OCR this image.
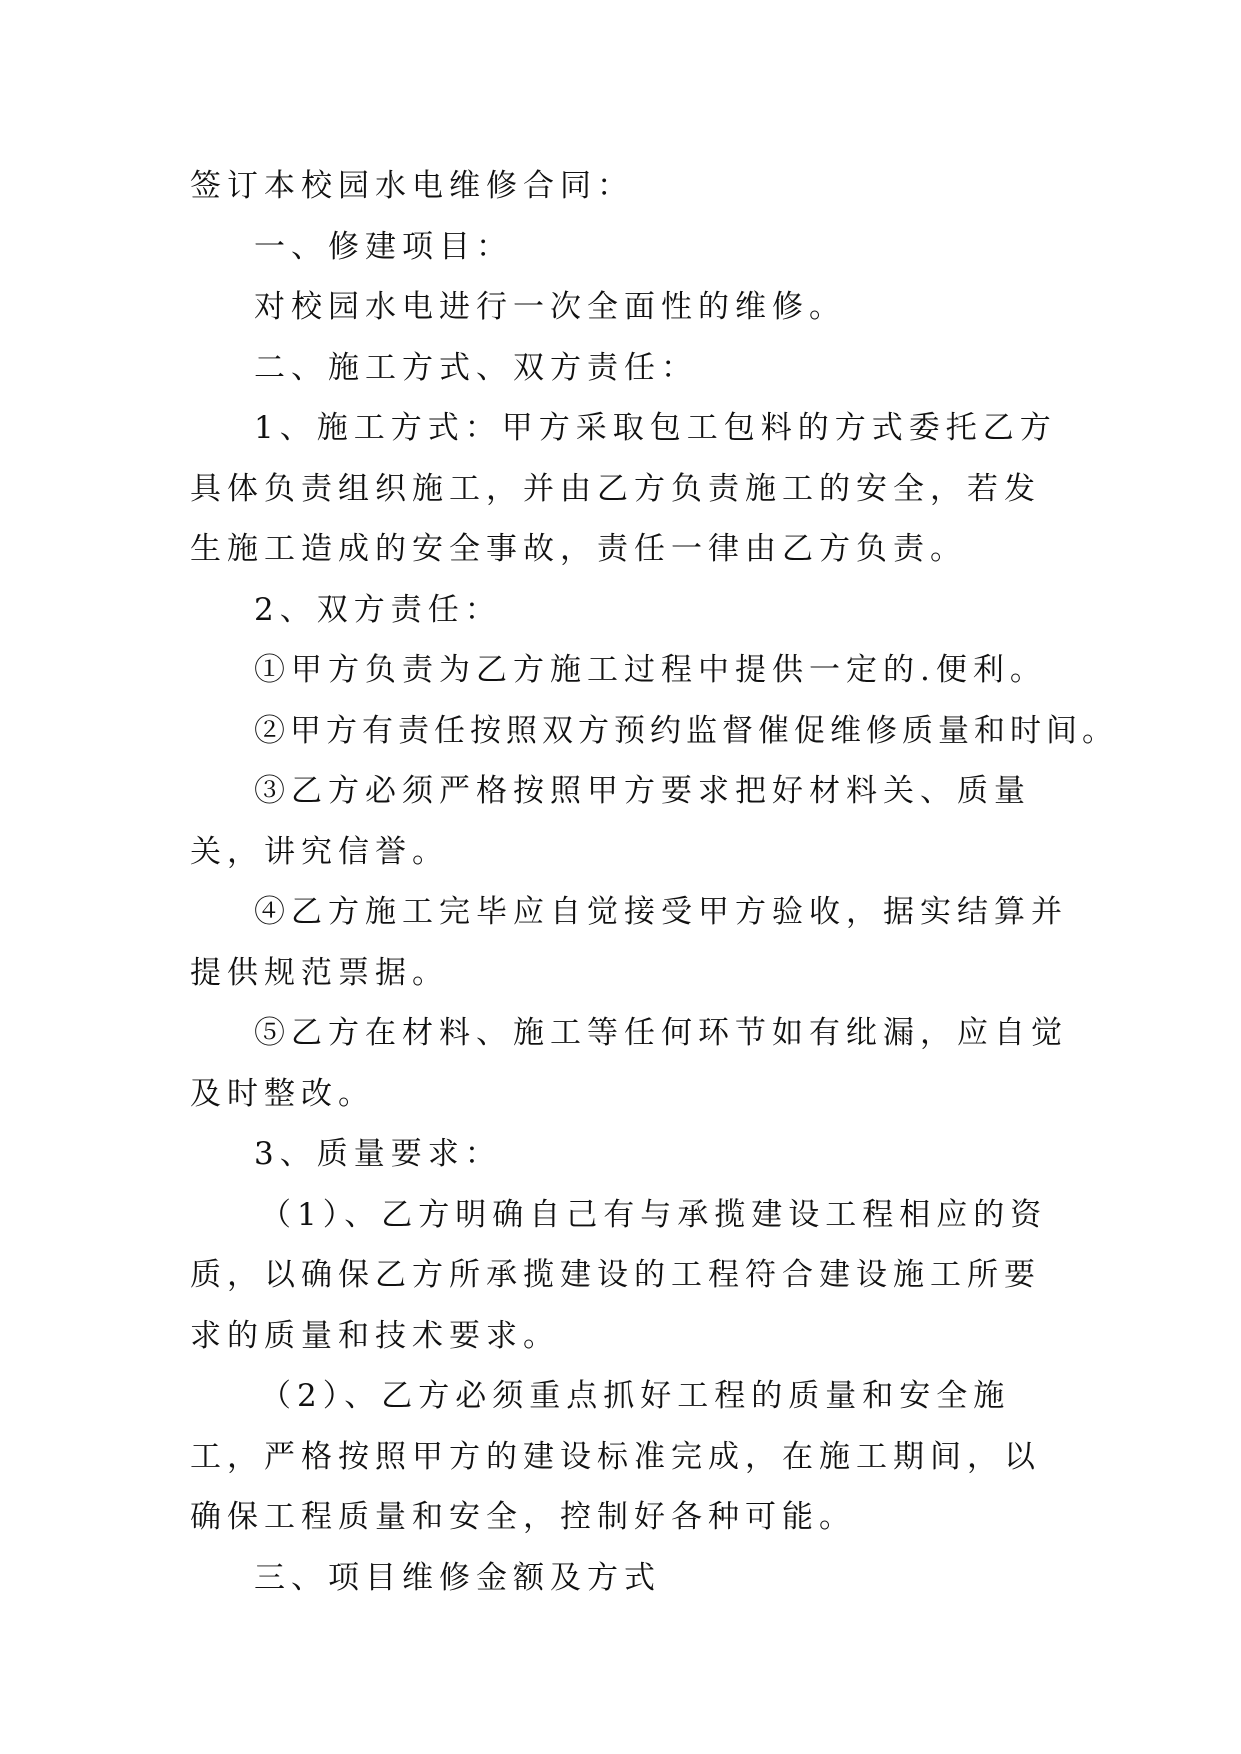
签订本校园水电维修合同：

一、修建项目：

对校园水电进行一次全面性的维修。

二、施工方式、双方责任：

1、施工方式：甲方采取包工包料的方式委托乙方具体负责组织施工，并由乙方负责施工的安全，若发生施工造成的安全事故，责任一律由乙方负责。

2、双方责任：

①甲方负责为乙方施工过程中提供一定的.便利。

②甲方有责任按照双方预约监督催促维修质量和时间。

③乙方必须严格按照甲方要求把好材料关、质量关，讲究信誉。

④乙方施工完毕应自觉接受甲方验收，据实结算并提供规范票据。

⑤乙方在材料、施工等任何环节如有纰漏，应自觉及时整改。

3、质量要求：

（1）、乙方明确自己有与承揽建设工程相应的资质，以确保乙方所承揽建设的工程符合建设施工所要求的质量和技术要求。

（2）、乙方必须重点抓好工程的质量和安全施工，严格按照甲方的建设标准完成，在施工期间，以确保工程质量和安全，控制好各种可能。

三、项目维修金额及方式
